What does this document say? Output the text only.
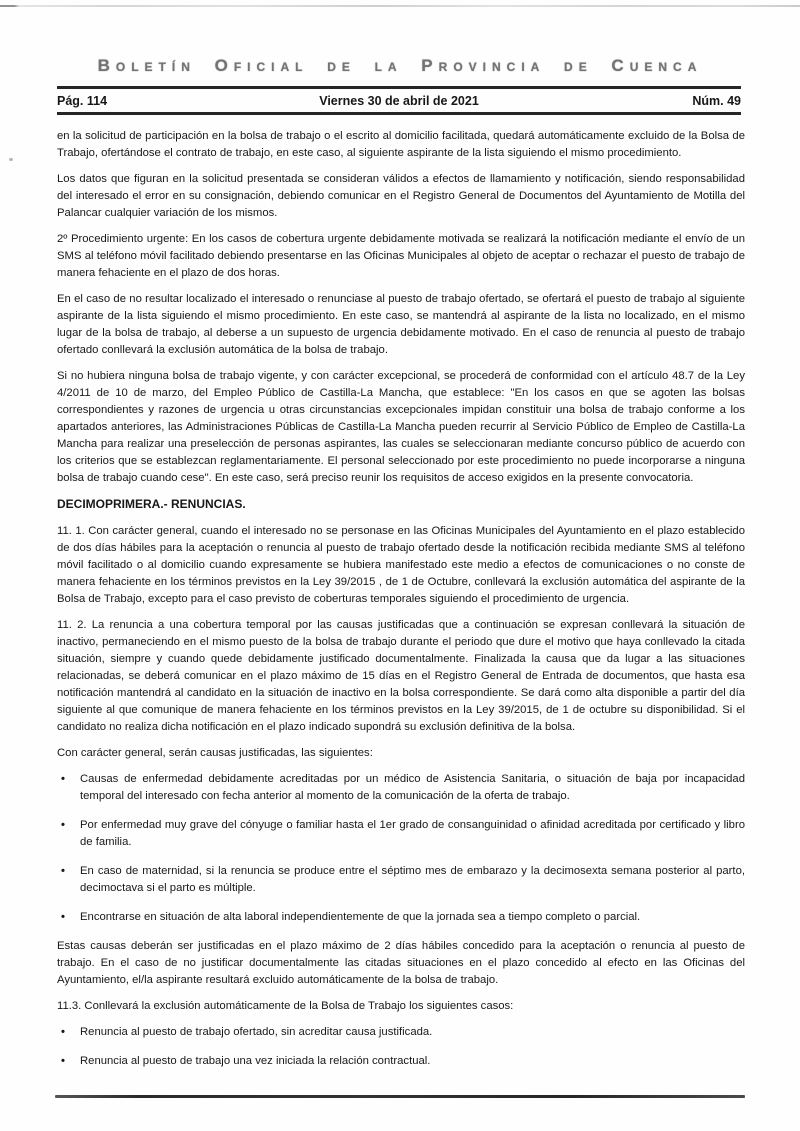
Boletín Oficial de la Provincia de Cuenca
Pág. 114	Viernes 30 de abril de 2021	Núm. 49

en la solicitud de participación en la bolsa de trabajo o el escrito al domicilio facilitada, quedará automáticamente excluido de la Bolsa de Trabajo, ofertándose el contrato de trabajo, en este caso, al siguiente aspirante de la lista siguiendo el mismo procedimiento.

Los datos que figuran en la solicitud presentada se consideran válidos a efectos de llamamiento y notificación, siendo responsabilidad del interesado el error en su consignación, debiendo comunicar en el Registro General de Documentos del Ayuntamiento de Motilla del Palancar cualquier variación de los mismos.

2º Procedimiento urgente: En los casos de cobertura urgente debidamente motivada se realizará la notificación mediante el envío de un SMS al teléfono móvil facilitado debiendo presentarse en las Oficinas Municipales al objeto de aceptar o rechazar el puesto de trabajo de manera fehaciente en el plazo de dos horas.

En el caso de no resultar localizado el interesado o renunciase al puesto de trabajo ofertado, se ofertará el puesto de trabajo al siguiente aspirante de la lista siguiendo el mismo procedimiento. En este caso, se mantendrá al aspirante de la lista no localizado, en el mismo lugar de la bolsa de trabajo, al deberse a un supuesto de urgencia debidamente motivado. En el caso de renuncia al puesto de trabajo ofertado conllevará la exclusión automática de la bolsa de trabajo.

Si no hubiera ninguna bolsa de trabajo vigente, y con carácter excepcional, se procederá de conformidad con el artículo 48.7 de la Ley 4/2011 de 10 de marzo, del Empleo Público de Castilla-La Mancha, que establece: "En los casos en que se agoten las bolsas correspondientes y razones de urgencia u otras circunstancias excepcionales impidan constituir una bolsa de trabajo conforme a los apartados anteriores, las Administraciones Públicas de Castilla-La Mancha pueden recurrir al Servicio Público de Empleo de Castilla-La Mancha para realizar una preselección de personas aspirantes, las cuales se seleccionaran mediante concurso público de acuerdo con los criterios que se establezcan reglamentariamente. El personal seleccionado por este procedimiento no puede incorporarse a ninguna bolsa de trabajo cuando cese". En este caso, será preciso reunir los requisitos de acceso exigidos en la presente convocatoria.

DECIMOPRIMERA.- RENUNCIAS.

11. 1. Con carácter general, cuando el interesado no se personase en las Oficinas Municipales del Ayuntamiento en el plazo establecido de dos días hábiles para la aceptación o renuncia al puesto de trabajo ofertado desde la notificación recibida mediante SMS al teléfono móvil facilitado o al domicilio cuando expresamente se hubiera manifestado este medio a efectos de comunicaciones o no conste de manera fehaciente en los términos previstos en la Ley 39/2015 , de 1 de Octubre, conllevará la exclusión automática del aspirante de la Bolsa de Trabajo, excepto para el caso previsto de coberturas temporales siguiendo el procedimiento de urgencia.

11. 2. La renuncia a una cobertura temporal por las causas justificadas que a continuación se expresan conllevará la situación de inactivo, permaneciendo en el mismo puesto de la bolsa de trabajo durante el periodo que dure el motivo que haya conllevado la citada situación, siempre y cuando quede debidamente justificado documentalmente. Finalizada la causa que da lugar a las situaciones relacionadas, se deberá comunicar en el plazo máximo de 15 días en el Registro General de Entrada de documentos, que hasta esa notificación mantendrá al candidato en la situación de inactivo en la bolsa correspondiente. Se dará como alta disponible a partir del día siguiente al que comunique de manera fehaciente en los términos previstos en la Ley 39/2015, de 1 de octubre su disponibilidad. Si el candidato no realiza dicha notificación en el plazo indicado supondrá su exclusión definitiva de la bolsa.

Con carácter general, serán causas justificadas, las siguientes:

• Causas de enfermedad debidamente acreditadas por un médico de Asistencia Sanitaria, o situación de baja por incapacidad temporal del interesado con fecha anterior al momento de la comunicación de la oferta de trabajo.
• Por enfermedad muy grave del cónyuge o familiar hasta el 1er grado de consanguinidad o afinidad acreditada por certificado y libro de familia.
• En caso de maternidad, si la renuncia se produce entre el séptimo mes de embarazo y la decimosexta semana posterior al parto, decimoctava si el parto es múltiple.
• Encontrarse en situación de alta laboral independientemente de que la jornada sea a tiempo completo o parcial.

Estas causas deberán ser justificadas en el plazo máximo de 2 días hábiles concedido para la aceptación o renuncia al puesto de trabajo. En el caso de no justificar documentalmente las citadas situaciones en el plazo concedido al efecto en las Oficinas del Ayuntamiento, el/la aspirante resultará excluido automáticamente de la bolsa de trabajo.

11.3. Conllevará la exclusión automáticamente de la Bolsa de Trabajo los siguientes casos:

• Renuncia al puesto de trabajo ofertado, sin acreditar causa justificada.
• Renuncia al puesto de trabajo una vez iniciada la relación contractual.
